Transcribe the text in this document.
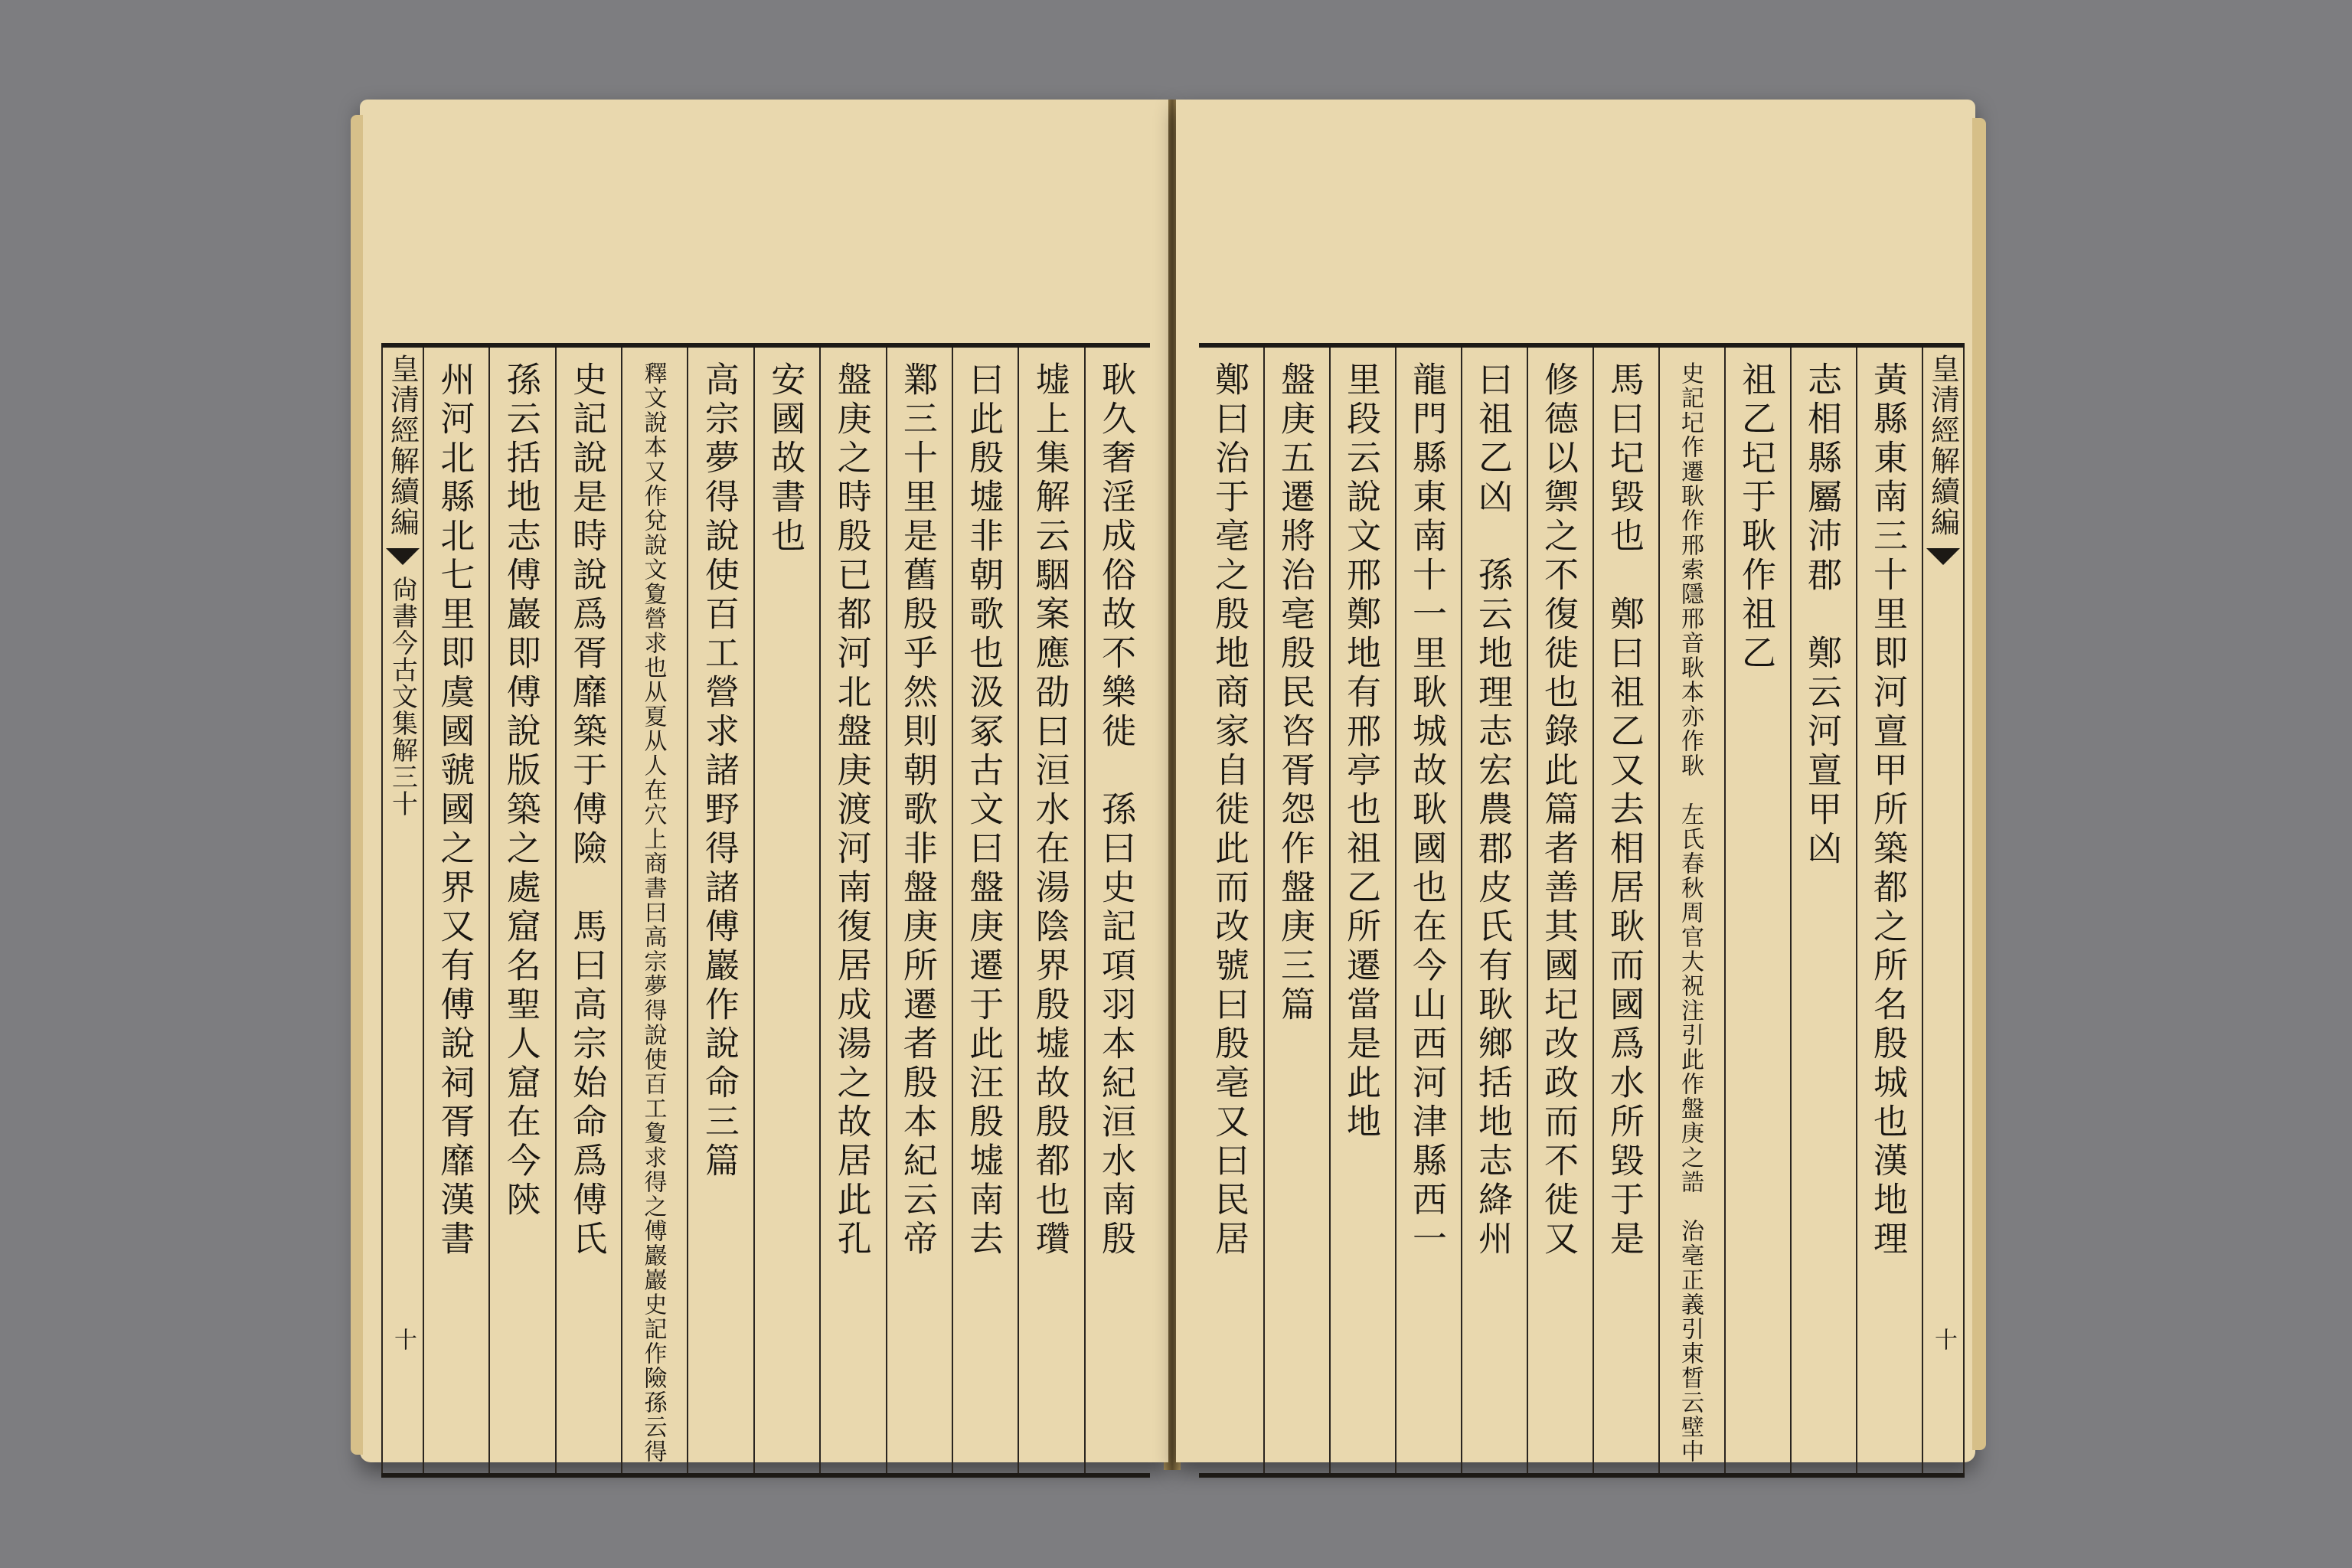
皇清經解續編
尙書今古文集解三十
十
耿久奢淫成俗故不樂徙　孫曰史記項羽本紀洹水南殷
墟上集解云駰案應劭曰洹水在湯陰界殷墟故殷都也瓚
曰此殷墟非朝歌也汲冢古文曰盤庚遷于此汪殷墟南去
鄴三十里是舊殷乎然則朝歌非盤庚所遷者殷本紀云帝
盤庚之時殷已都河北盤庚渡河南復居成湯之故居此孔
安國故書也
高宗夢得說使百工營求諸野得諸傅巖作說命三篇
釋文說本又作兌說文夐營求也从夏从人在穴上商書曰高宗夢得說使百工夐求得之傅巖巖史記作險孫云得
史記說是時說爲胥靡築于傅險　馬曰高宗始命爲傅氏
孫云括地志傅巖即傅說版築之處窟名聖人窟在今陝
州河北縣北七里即虞國虢國之界又有傅說祠胥靡漢書	皇清經解續編
十
黃縣東南三十里即河亶甲所築都之所名殷城也漢地理
志相縣屬沛郡　鄭云河亶甲凶
祖乙圮于耿作祖乙
史記圮作遷耿作邢索隱邢音耿本亦作耿　左氏春秋周官大祝注引此作盤庚之誥　治亳正義引束晳云壁中
馬曰圮毀也　鄭曰祖乙又去相居耿而國爲水所毀于是
修德以禦之不復徙也錄此篇者善其國圮改政而不徙又
曰祖乙凶　孫云地理志宏農郡皮氏有耿鄉括地志絳州
龍門縣東南十一里耿城故耿國也在今山西河津縣西一
里段云說文邢鄭地有邢亭也祖乙所遷當是此地
盤庚五遷將治亳殷民咨胥怨作盤庚三篇
鄭曰治于亳之殷地商家自徙此而改號曰殷亳又曰民居
